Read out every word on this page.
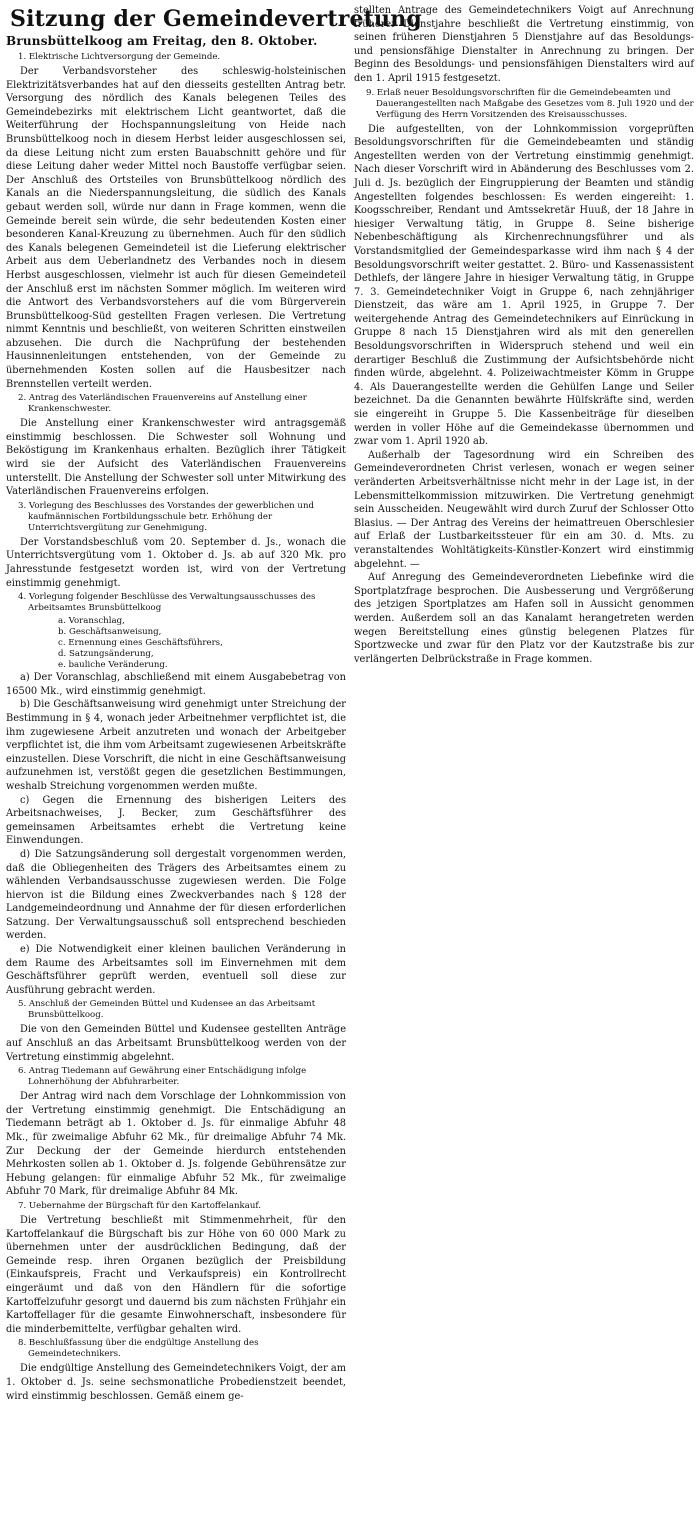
Sitzung der Gemeindevertretung
Brunsbüttelkoog am Freitag, den 8. Oktober.
1. Elektrische Lichtversorgung der Gemeinde.

Der Verbandsvorsteher des schleswig-holsteinischen Elektrizitätsverbandes hat auf den diesseits gestellten Antrag betr. Versorgung des nördlich des Kanals belegenen Teiles des Gemeindebezirks mit elektrischem Licht geantwortet, daß die Weiterführung der Hochspannungsleitung von Heide nach Brunsbüttelkoog noch in diesem Herbst leider ausgeschlossen sei, da diese Leitung nicht zum ersten Bauabschnitt gehöre und für diese Leitung daher weder Mittel noch Baustoffe verfügbar seien. Der Anschluß des Ortsteiles von Brunsbüttelkoog nördlich des Kanals an die Niederspannungsleitung, die südlich des Kanals gebaut werden soll, würde nur dann in Frage kommen, wenn die Gemeinde bereit sein würde, die sehr bedeutenden Kosten einer besonderen Kanal-Kreuzung zu übernehmen. Auch für den südlich des Kanals belegenen Gemeindeteil ist die Lieferung elektrischer Arbeit aus dem Ueberlandnetz des Verbandes noch in diesem Herbst ausgeschlossen, vielmehr ist auch für diesen Gemeindeteil der Anschluß erst im nächsten Sommer möglich. Im weiteren wird die Antwort des Verbandsvorstehers auf die vom Bürgerverein Brunsbüttelkoog-Süd gestellten Fragen verlesen. Die Vertretung nimmt Kenntnis und beschließt, von weiteren Schritten einstweilen abzusehen. Die durch die Nachprüfung der bestehenden Hausinnenleitungen entstehenden, von der Gemeinde zu übernehmenden Kosten sollen auf die Hausbesitzer nach Brennstellen verteilt werden.

2. Antrag des Vaterländischen Frauenvereins auf Anstellung einer Krankenschwester.

Die Anstellung einer Krankenschwester wird antragsgemäß einstimmig beschlossen. Die Schwester soll Wohnung und Beköstigung im Krankenhaus erhalten. Bezüglich ihrer Tätigkeit wird sie der Aufsicht des Vaterländischen Frauenvereins unterstellt. Die Anstellung der Schwester soll unter Mitwirkung des Vaterländischen Frauenvereins erfolgen.

3. Vorlegung des Beschlusses des Vorstandes der gewerblichen und kaufmännischen Fortbildungsschule betr. Erhöhung der Unterrichtsvergütung zur Genehmigung.

Der Vorstandsbeschluß vom 20. September d. Js., wonach die Unterrichtsvergütung vom 1. Oktober d. Js. ab auf 320 Mk. pro Jahresstunde festgesetzt worden ist, wird von der Vertretung einstimmig genehmigt.

4. Vorlegung folgender Beschlüsse des Verwaltungsausschusses des Arbeitsamtes Brunsbüttelkoog
a. Voranschlag,
b. Geschäftsanweisung,
c. Ernennung eines Geschäftsführers,
d. Satzungsänderung,
e. bauliche Veränderung.

a) Der Voranschlag, abschließend mit einem Ausgabebetrag von 16500 Mk., wird einstimmig genehmigt.

b) Die Geschäftsanweisung wird genehmigt unter Streichung der Bestimmung in § 4, wonach jeder Arbeitnehmer verpflichtet ist, die ihm zugewiesene Arbeit anzutreten und wonach der Arbeitgeber verpflichtet ist, die ihm vom Arbeitsamt zugewiesenen Arbeitskräfte einzustellen. Diese Vorschrift, die nicht in eine Geschäftsanweisung aufzunehmen ist, verstößt gegen die gesetzlichen Bestimmungen, weshalb Streichung vorgenommen werden mußte.

c) Gegen die Ernennung des bisherigen Leiters des Arbeitsnachweises, J. Becker, zum Geschäftsführer des gemeinsamen Arbeitsamtes erhebt die Vertretung keine Einwendungen.

d) Die Satzungsänderung soll dergestalt vorgenommen werden, daß die Obliegenheiten des Trägers des Arbeitsamtes einem zu wählenden Verbandsausschusse zugewiesen werden. Die Folge hiervon ist die Bildung eines Zweckverbandes nach § 128 der Landgemeindeordnung und Annahme der für diesen erforderlichen Satzung. Der Verwaltungsausschuß soll entsprechend beschieden werden.

e) Die Notwendigkeit einer kleinen baulichen Veränderung in dem Raume des Arbeitsamtes soll im Einvernehmen mit dem Geschäftsführer geprüft werden, eventuell soll diese zur Ausführung gebracht werden.

5. Anschluß der Gemeinden Büttel und Kudensee an das Arbeitsamt Brunsbüttelkoog.

Die von den Gemeinden Büttel und Kudensee gestellten Anträge auf Anschluß an das Arbeitsamt Brunsbüttelkoog werden von der Vertretung einstimmig abgelehnt.

6. Antrag Tiedemann auf Gewährung einer Entschädigung infolge Lohnerhöhung der Abfuhrarbeiter.

Der Antrag wird nach dem Vorschlage der Lohnkommission von der Vertretung einstimmig genehmigt. Die Entschädigung an Tiedemann beträgt ab 1. Oktober d. Js. für einmalige Abfuhr 48 Mk., für zweimalige Abfuhr 62 Mk., für dreimalige Abfuhr 74 Mk. Zur Deckung der der Gemeinde hierdurch entstehenden Mehrkosten sollen ab 1. Oktober d. Js. folgende Gebührensätze zur Hebung gelangen: für einmalige Abfuhr 52 Mk., für zweimalige Abfuhr 70 Mark, für dreimalige Abfuhr 84 Mk.

7. Uebernahme der Bürgschaft für den Kartoffelankauf.

Die Vertretung beschließt mit Stimmenmehrheit, für den Kartoffelankauf die Bürgschaft bis zur Höhe von 60 000 Mark zu übernehmen unter der ausdrücklichen Bedingung, daß der Gemeinde resp. ihren Organen bezüglich der Preisbildung (Einkaufspreis, Fracht und Verkaufspreis) ein Kontrollrecht eingeräumt und daß von den Händlern für die sofortige Kartoffelzufuhr gesorgt und dauernd bis zum nächsten Frühjahr ein Kartoffellager für die gesamte Einwohnerschaft, insbesondere für die minderbemittelte, verfügbar gehalten wird.

8. Beschlußfassung über die endgültige Anstellung des Gemeindetechnikers.

Die endgültige Anstellung des Gemeindetechnikers Voigt, der am 1. Oktober d. Js. seine sechsmonatliche Probedienstzeit beendet, wird einstimmig beschlossen. Gemäß einem ge-

stellten Antrage des Gemeindetechnikers Voigt auf Anrechnung früherer Dienstjahre beschließt die Vertretung einstimmig, von seinen früheren Dienstjahren 5 Dienstjahre auf das Besoldungs- und pensionsfähige Dienstalter in Anrechnung zu bringen. Der Beginn des Besoldungs- und pensionsfähigen Dienstalters wird auf den 1. April 1915 festgesetzt.

9. Erlaß neuer Besoldungsvorschriften für die Gemeindebeamten und Dauerangestellten nach Maßgabe des Gesetzes vom 8. Juli 1920 und der Verfügung des Herrn Vorsitzenden des Kreisausschusses.

Die aufgestellten, von der Lohnkommission vorgeprüften Besoldungsvorschriften für die Gemeindebeamten und ständig Angestellten werden von der Vertretung einstimmig genehmigt. Nach dieser Vorschrift wird in Abänderung des Beschlusses vom 2. Juli d. Js. bezüglich der Eingruppierung der Beamten und ständig Angestellten folgendes beschlossen: Es werden eingereiht: 1. Koogsschreiber, Rendant und Amtssekretär Huuß, der 18 Jahre in hiesiger Verwaltung tätig, in Gruppe 8. Seine bisherige Nebenbeschäftigung als Kirchenrechnungsführer und als Vorstandsmitglied der Gemeindesparkasse wird ihm nach § 4 der Besoldungsvorschrift weiter gestattet. 2. Büro- und Kassenassistent Dethlefs, der längere Jahre in hiesiger Verwaltung tätig, in Gruppe 7. 3. Gemeindetechniker Voigt in Gruppe 6, nach zehnjähriger Dienstzeit, das wäre am 1. April 1925, in Gruppe 7. Der weitergehende Antrag des Gemeindetechnikers auf Einrückung in Gruppe 8 nach 15 Dienstjahren wird als mit den generellen Besoldungsvorschriften in Widerspruch stehend und weil ein derartiger Beschluß die Zustimmung der Aufsichtsbehörde nicht finden würde, abgelehnt. 4. Polizeiwachtmeister Kömm in Gruppe 4. Als Dauerangestellte werden die Gehülfen Lange und Seiler bezeichnet. Da die Genannten bewährte Hülfskräfte sind, werden sie eingereiht in Gruppe 5. Die Kassenbeiträge für dieselben werden in voller Höhe auf die Gemeindekasse übernommen und zwar vom 1. April 1920 ab.

Außerhalb der Tagesordnung wird ein Schreiben des Gemeindeverordneten Christ verlesen, wonach er wegen seiner veränderten Arbeitsverhältnisse nicht mehr in der Lage ist, in der Lebensmittelkommission mitzuwirken. Die Vertretung genehmigt sein Ausscheiden. Neugewählt wird durch Zuruf der Schlosser Otto Blasius. — Der Antrag des Vereins der heimattreuen Oberschlesier auf Erlaß der Lustbarkeitssteuer für ein am 30. d. Mts. zu veranstaltendes Wohltätigkeits-Künstler-Konzert wird einstimmig abgelehnt. —

Auf Anregung des Gemeindeverordneten Liebefinke wird die Sportplatzfrage besprochen. Die Ausbesserung und Vergrößerung des jetzigen Sportplatzes am Hafen soll in Aussicht genommen werden. Außerdem soll an das Kanalamt herangetreten werden wegen Bereitstellung eines günstig belegenen Platzes für Sportzwecke und zwar für den Platz vor der Kautzstraße bis zur verlängerten Delbrückstraße in Frage kommen.
